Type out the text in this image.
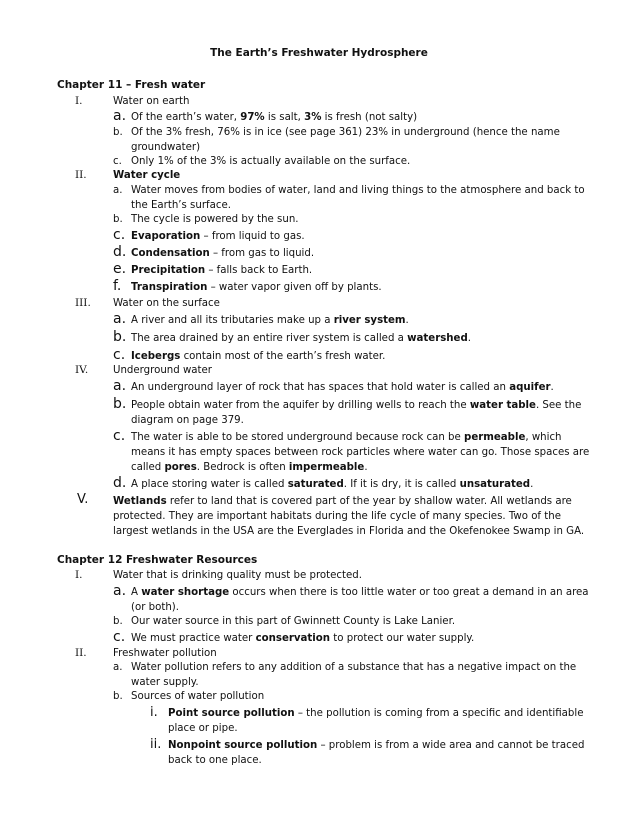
The Earth’s Freshwater Hydrosphere
Chapter 11 – Fresh water
I.	Water on earth
a. Of the earth’s water, 97% is salt, 3% is fresh (not salty)
b. Of the 3% fresh, 76% is in ice (see page 361) 23% in underground (hence the name groundwater)
c. Only 1% of the 3% is actually available on the surface.
II.	Water cycle
a. Water moves from bodies of water, land and living things to the atmosphere and back to the Earth’s surface.
b. The cycle is powered by the sun.
c. Evaporation – from liquid to gas.
d. Condensation – from gas to liquid.
e. Precipitation – falls back to Earth.
f. Transpiration – water vapor given off by plants.
III.	Water on the surface
a. A river and all its tributaries make up a river system.
b. The area drained by an entire river system is called a watershed.
c. Icebergs contain most of the earth’s fresh water.
IV.	Underground water
a. An underground layer of rock that has spaces that hold water is called an aquifer.
b. People obtain water from the aquifer by drilling wells to reach the water table. See the diagram on page 379.
c. The water is able to be stored underground because rock can be permeable, which means it has empty spaces between rock particles where water can go. Those spaces are called pores. Bedrock is often impermeable.
d. A place storing water is called saturated. If it is dry, it is called unsaturated.
V.	Wetlands refer to land that is covered part of the year by shallow water. All wetlands are protected. They are important habitats during the life cycle of many species. Two of the largest wetlands in the USA are the Everglades in Florida and the Okefenokee Swamp in GA.
Chapter 12 Freshwater Resources
I.	Water that is drinking quality must be protected.
a. A water shortage occurs when there is too little water or too great a demand in an area (or both).
b. Our water source in this part of Gwinnett County is Lake Lanier.
c. We must practice water conservation to protect our water supply.
II.	Freshwater pollution
a. Water pollution refers to any addition of a substance that has a negative impact on the water supply.
b. Sources of water pollution
i.	Point source pollution – the pollution is coming from a specific and identifiable place or pipe.
ii. Nonpoint source pollution – problem is from a wide area and cannot be traced back to one place.
